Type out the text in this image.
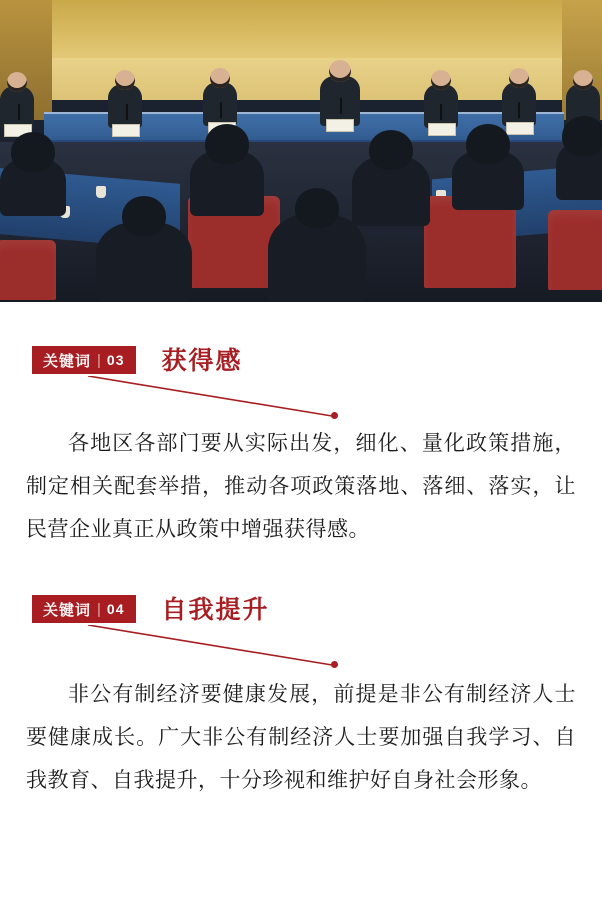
关键词 | 03 获得感

各地区各部门要从实际出发，细化、量化政策措施，制定相关配套举措，推动各项政策落地、落细、落实，让民营企业真正从政策中增强获得感。

关键词 | 04 自我提升

非公有制经济要健康发展，前提是非公有制经济人士要健康成长。广大非公有制经济人士要加强自我学习、自我教育、自我提升，十分珍视和维护好自身社会形象。
